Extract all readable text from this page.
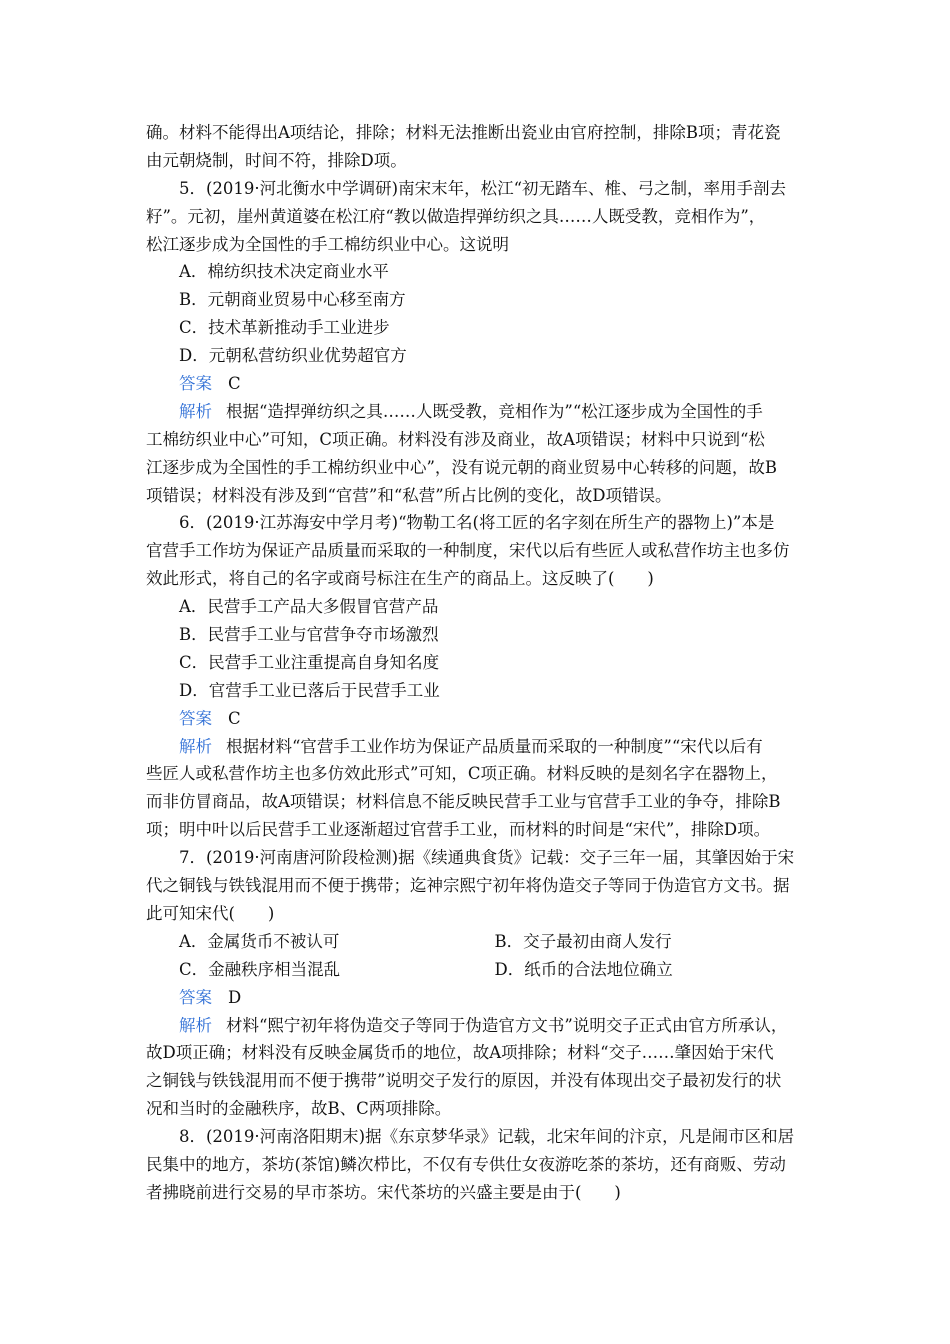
确。材料不能得出A项结论，排除；材料无法推断出瓷业由官府控制，排除B项；青花瓷
由元朝烧制，时间不符，排除D项。
5．(2019·河北衡水中学调研)南宋末年，松江“初无踏车、椎、弓之制，率用手剖去
籽”。元初，崖州黄道婆在松江府“教以做造捍弹纺织之具……人既受教，竞相作为”，
松江逐步成为全国性的手工棉纺织业中心。这说明
A．棉纺织技术决定商业水平
B．元朝商业贸易中心移至南方
C．技术革新推动手工业进步
D．元朝私营纺织业优势超官方
答案 C
解析 根据“造捍弹纺织之具……人既受教，竞相作为”“松江逐步成为全国性的手
工棉纺织业中心”可知，C项正确。材料没有涉及商业，故A项错误；材料中只说到“松
江逐步成为全国性的手工棉纺织业中心”，没有说元朝的商业贸易中心转移的问题，故B
项错误；材料没有涉及到“官营”和“私营”所占比例的变化，故D项错误。
6．(2019·江苏海安中学月考)“物勒工名(将工匠的名字刻在所生产的器物上)”本是
官营手工作坊为保证产品质量而采取的一种制度，宋代以后有些匠人或私营作坊主也多仿
效此形式，将自己的名字或商号标注在生产的商品上。这反映了(　　)
A．民营手工产品大多假冒官营产品
B．民营手工业与官营争夺市场激烈
C．民营手工业注重提高自身知名度
D．官营手工业已落后于民营手工业
答案 C
解析 根据材料“官营手工业作坊为保证产品质量而采取的一种制度”“宋代以后有
些匠人或私营作坊主也多仿效此形式”可知，C项正确。材料反映的是刻名字在器物上，
而非仿冒商品，故A项错误；材料信息不能反映民营手工业与官营手工业的争夺，排除B
项；明中叶以后民营手工业逐渐超过官营手工业，而材料的时间是“宋代”，排除D项。
7．(2019·河南唐河阶段检测)据《续通典食货》记载：交子三年一届，其肇因始于宋
代之铜钱与铁钱混用而不便于携带；迄神宗熙宁初年将伪造交子等同于伪造官方文书。据
此可知宋代(　　)
A．金属货币不被认可	B．交子最初由商人发行
C．金融秩序相当混乱	D．纸币的合法地位确立
答案 D
解析 材料“熙宁初年将伪造交子等同于伪造官方文书”说明交子正式由官方所承认，
故D项正确；材料没有反映金属货币的地位，故A项排除；材料“交子……肇因始于宋代
之铜钱与铁钱混用而不便于携带”说明交子发行的原因，并没有体现出交子最初发行的状
况和当时的金融秩序，故B、C两项排除。
8．(2019·河南洛阳期末)据《东京梦华录》记载，北宋年间的汴京，凡是闹市区和居
民集中的地方，茶坊(茶馆)鳞次栉比，不仅有专供仕女夜游吃茶的茶坊，还有商贩、劳动
者拂晓前进行交易的早市茶坊。宋代茶坊的兴盛主要是由于(　　)
